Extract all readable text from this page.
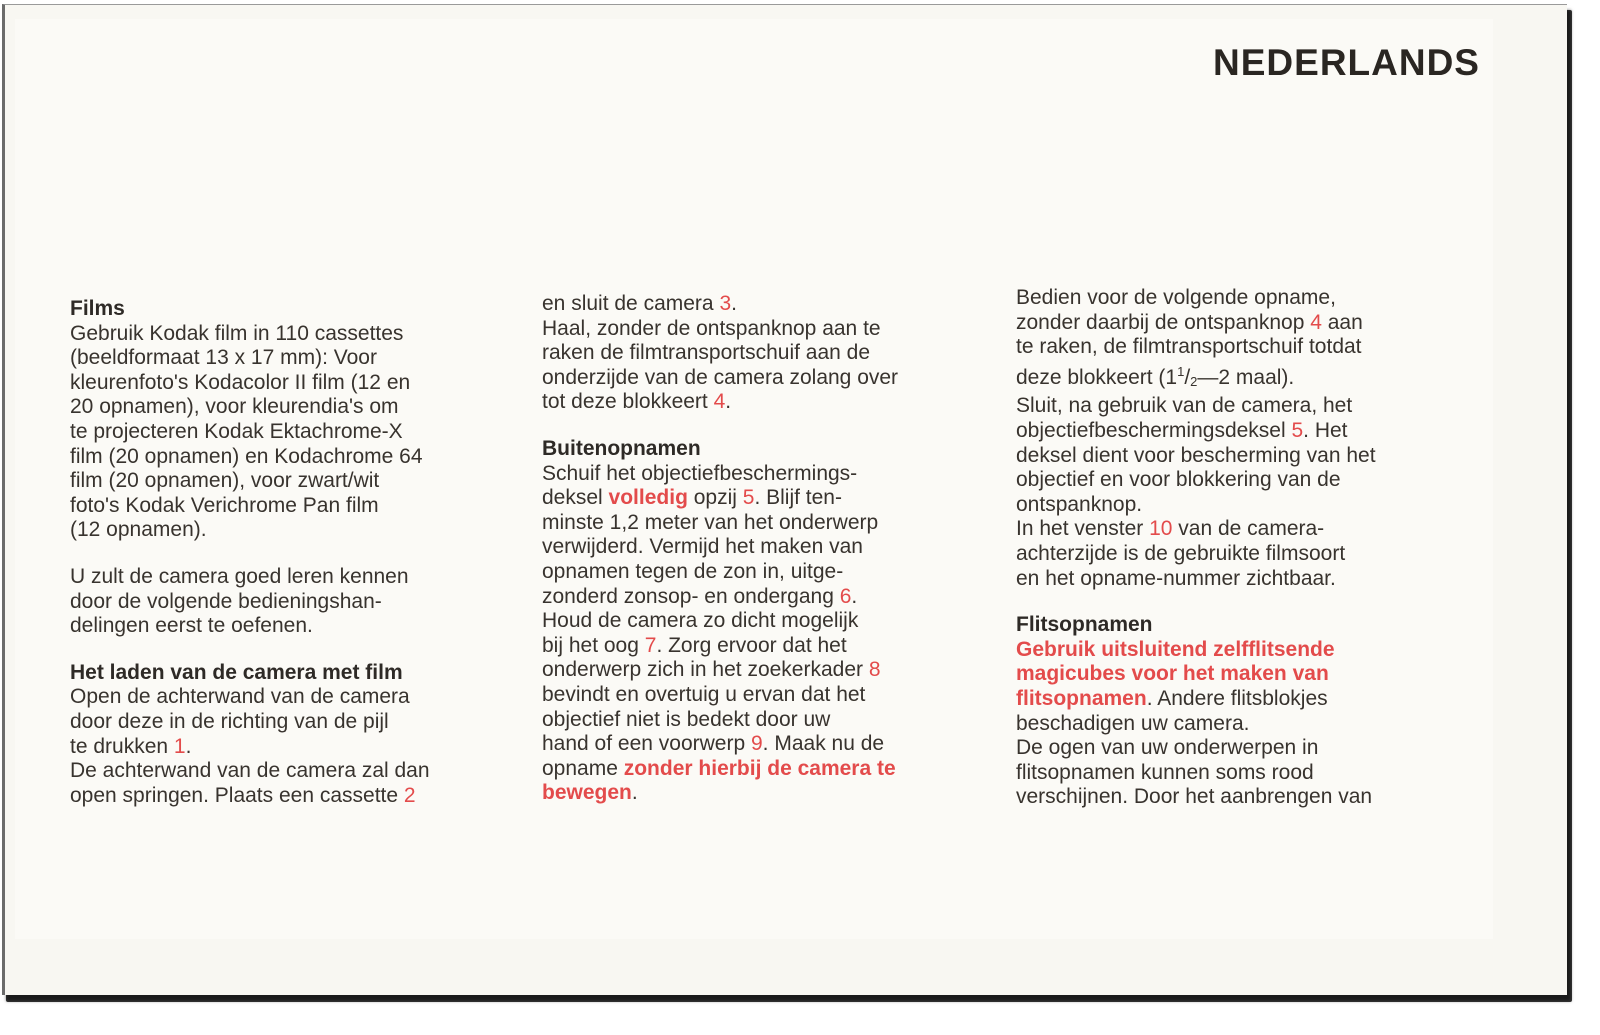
NEDERLANDS

Films

Gebruik Kodak film in 110 cassettes

(beeldformaat 13 x 17 mm): Voor

kleurenfoto's Kodacolor II film (12 en

20 opnamen), voor kleurendia's om

te projecteren Kodak Ektachrome-X

film (20 opnamen) en Kodachrome 64

film (20 opnamen), voor zwart/wit

foto's Kodak Verichrome Pan film

(12 opnamen).

U zult de camera goed leren kennen

door de volgende bedieningshan-

delingen eerst te oefenen.

Het laden van de camera met film

Open de achterwand van de camera

door deze in de richting van de pijl

te drukken 1.

De achterwand van de camera zal dan

open springen. Plaats een cassette 2

en sluit de camera 3.

Haal, zonder de ontspanknop aan te

raken de filmtransportschuif aan de

onderzijde van de camera zolang over

tot deze blokkeert 4.

Buitenopnamen

Schuif het objectiefbeschermings-

deksel volledig opzij 5. Blijf ten-

minste 1,2 meter van het onderwerp

verwijderd. Vermijd het maken van

opnamen tegen de zon in, uitge-

zonderd zonsop- en ondergang 6.

Houd de camera zo dicht mogelijk

bij het oog 7. Zorg ervoor dat het

onderwerp zich in het zoekerkader 8

bevindt en overtuig u ervan dat het

objectief niet is bedekt door uw

hand of een voorwerp 9. Maak nu de

opname zonder hierbij de camera te

bewegen.

Bedien voor de volgende opname,

zonder daarbij de ontspanknop 4 aan

te raken, de filmtransportschuif totdat

deze blokkeert ($1^1/_2—2$ maal).

Sluit, na gebruik van de camera, het

objectiefbeschermingsdeksel 5. Het

deksel dient voor bescherming van het

objectief en voor blokkering van de

ontspanknop.

In het venster 10 van de camera-

achterzijde is de gebruikte filmsoort

en het opname-nummer zichtbaar.

Flitsopnamen

Gebruik uitsluitend zelfflitsende

magicubes voor het maken van

flitsopnamen. Andere flitsblokjes

beschadigen uw camera.

De ogen van uw onderwerpen in

flitsopnamen kunnen soms rood

verschijnen. Door het aanbrengen van
